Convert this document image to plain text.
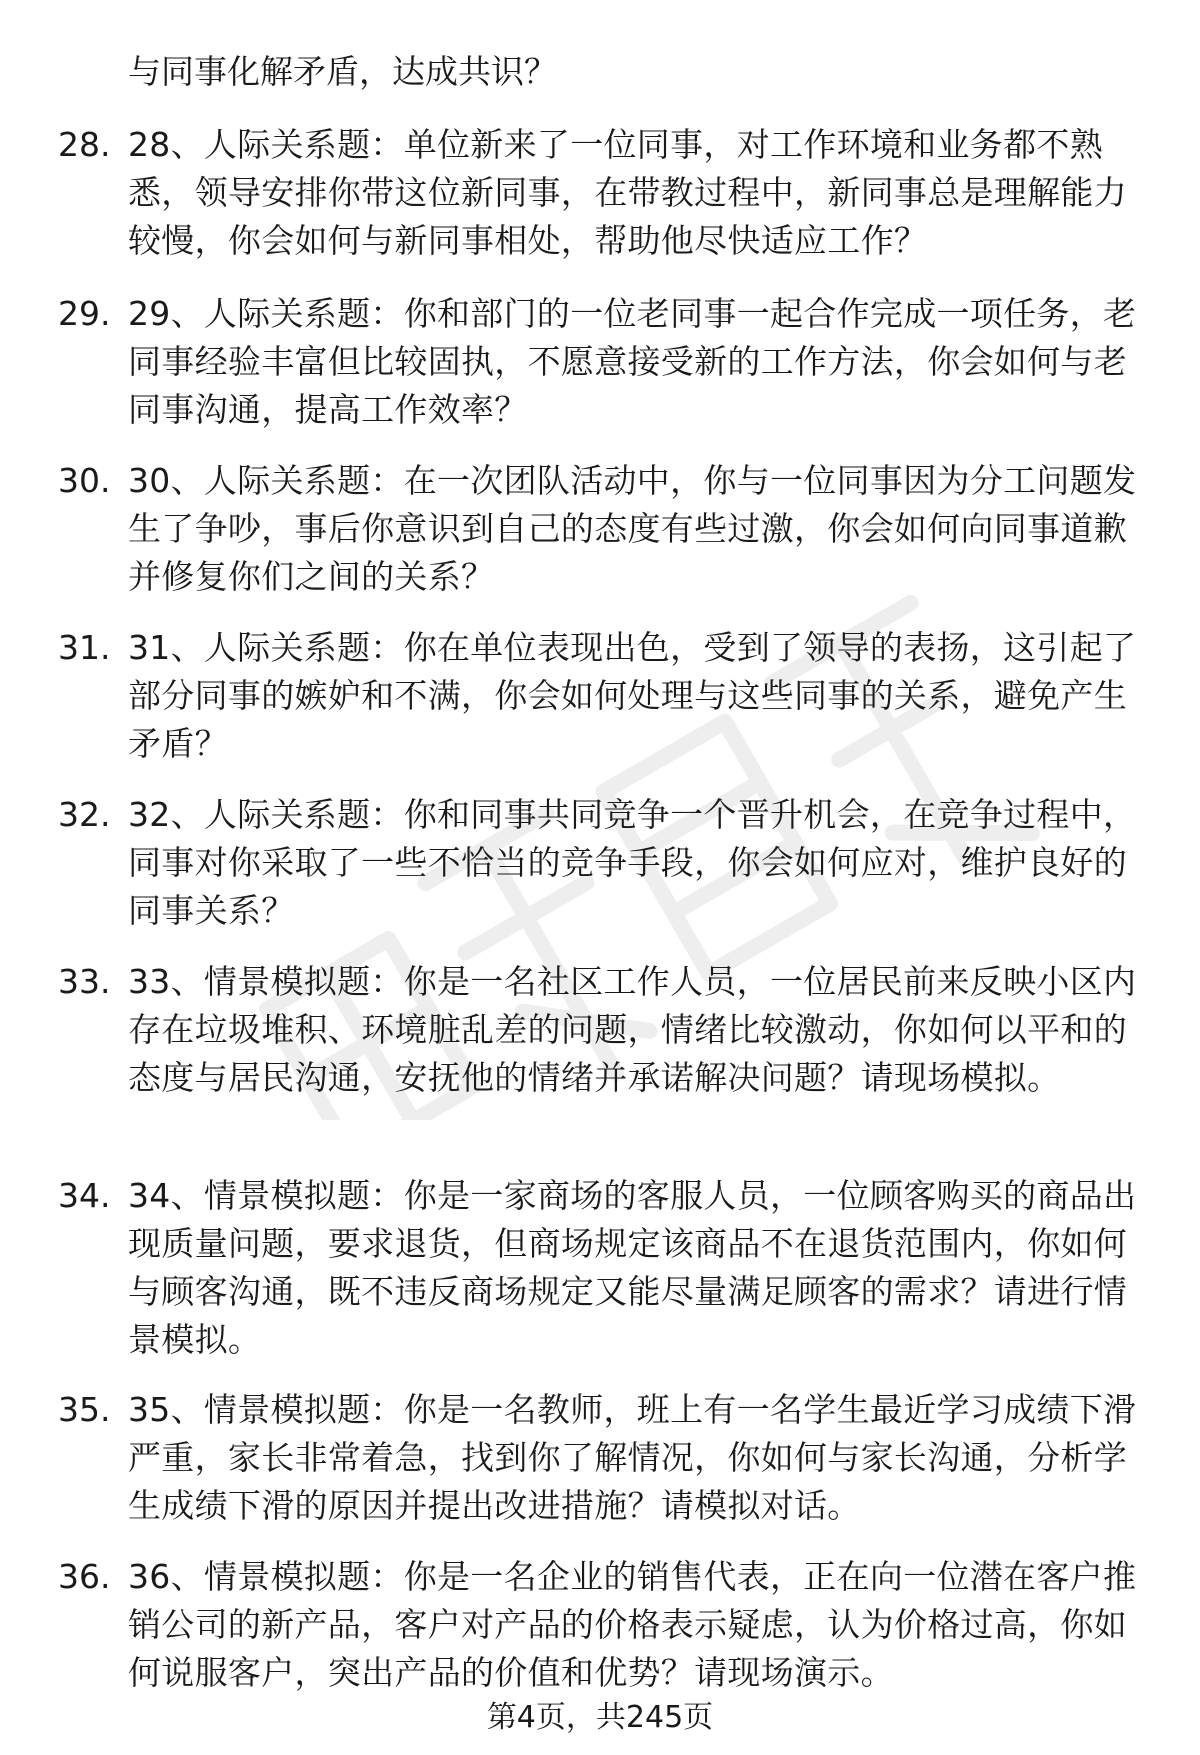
与同事化解矛盾，达成共识？
28. 28、人际关系题：单位新来了一位同事，对工作环境和业务都不熟悉，领导安排你带这位新同事，在带教过程中，新同事总是理解能力较慢，你会如何与新同事相处，帮助他尽快适应工作？
29. 29、人际关系题：你和部门的一位老同事一起合作完成一项任务，老同事经验丰富但比较固执，不愿意接受新的工作方法，你会如何与老同事沟通，提高工作效率？
30. 30、人际关系题：在一次团队活动中，你与一位同事因为分工问题发生了争吵，事后你意识到自己的态度有些过激，你会如何向同事道歉并修复你们之间的关系？
31. 31、人际关系题：你在单位表现出色，受到了领导的表扬，这引起了部分同事的嫉妒和不满，你会如何处理与这些同事的关系，避免产生矛盾？
32. 32、人际关系题：你和同事共同竞争一个晋升机会，在竞争过程中，同事对你采取了一些不恰当的竞争手段，你会如何应对，维护良好的同事关系？
33. 33、情景模拟题：你是一名社区工作人员，一位居民前来反映小区内存在垃圾堆积、环境脏乱差的问题，情绪比较激动，你如何以平和的态度与居民沟通，安抚他的情绪并承诺解决问题？请现场模拟。
34. 34、情景模拟题：你是一家商场的客服人员，一位顾客购买的商品出现质量问题，要求退货，但商场规定该商品不在退货范围内，你如何与顾客沟通，既不违反商场规定又能尽量满足顾客的需求？请进行情景模拟。
35. 35、情景模拟题：你是一名教师，班上有一名学生最近学习成绩下滑严重，家长非常着急，找到你了解情况，你如何与家长沟通，分析学生成绩下滑的原因并提出改进措施？请模拟对话。
36. 36、情景模拟题：你是一名企业的销售代表，正在向一位潜在客户推销公司的新产品，客户对产品的价格表示疑虑，认为价格过高，你如何说服客户，突出产品的价值和优势？请现场演示。
第4页，共245页
